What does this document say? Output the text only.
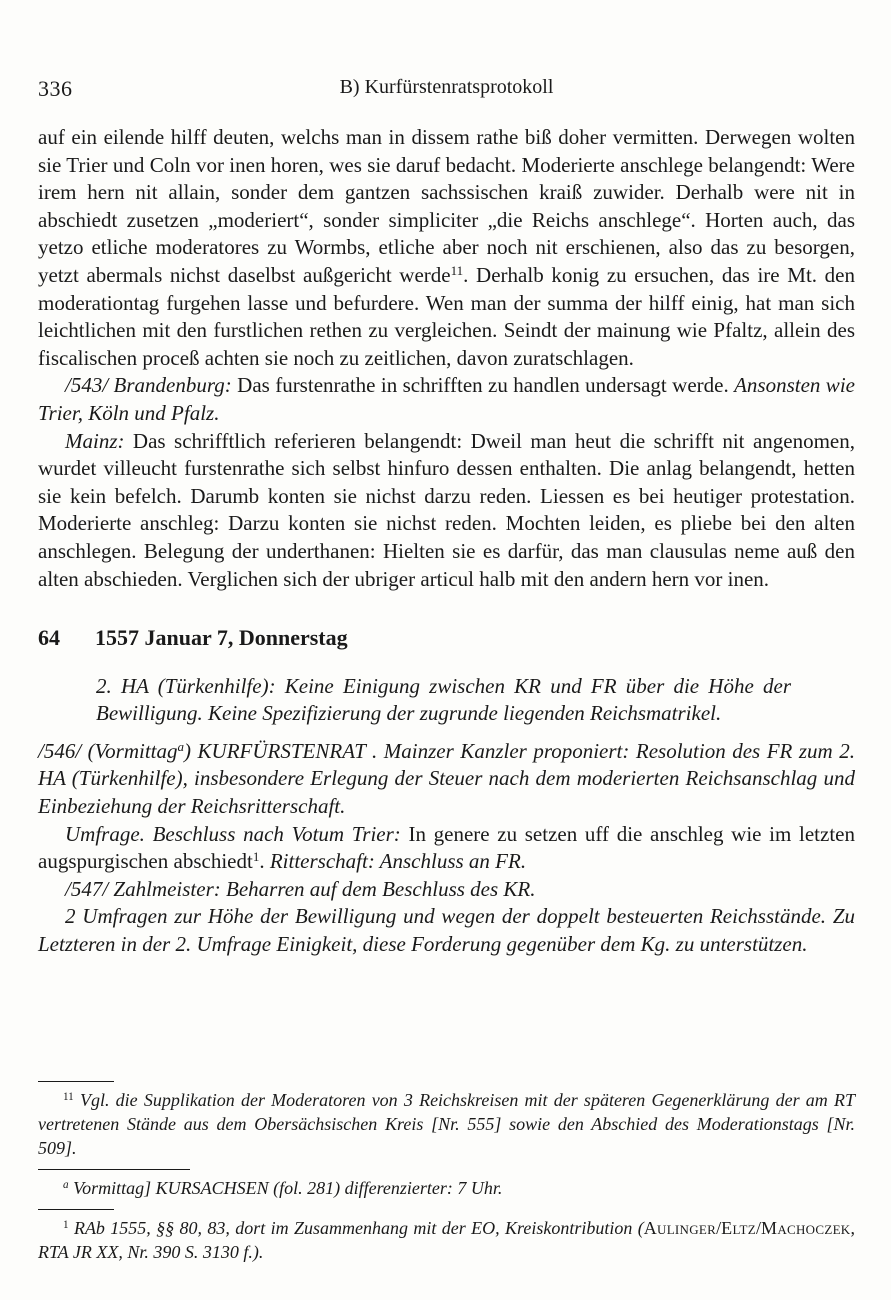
336	B) Kurfürstenratsprotokoll

auf ein eilende hilff deuten, welchs man in dissem rathe biß doher vermitten. Derwegen wolten sie Trier und Coln vor inen horen, wes sie daruf bedacht. Moderierte anschlege belangendt: Were irem hern nit allain, sonder dem gantzen sachssischen kraiß zuwider. Derhalb were nit in abschiedt zusetzen „moderiert“, sonder simpliciter „die Reichs anschlege“. Horten auch, das yetzo etliche moderatores zu Wormbs, etliche aber noch nit erschienen, also das zu besorgen, yetzt abermals nichst daselbst außgericht werde$^{11}$. Derhalb konig zu ersuchen, das ire Mt. den moderationtag furgehen lasse und befurdere. Wen man der summa der hilff einig, hat man sich leichtlichen mit den furstlichen rethen zu vergleichen. Seindt der mainung wie Pfaltz, allein des fiscalischen proceß achten sie noch zu zeitlichen, davon zuratschlagen.

/543/ Brandenburg: Das furstenrathe in schrifften zu handlen undersagt werde. Ansonsten wie Trier, Köln und Pfalz.

Mainz: Das schrifftlich referieren belangendt: Dweil man heut die schrifft nit angenomen, wurdet villeucht furstenrathe sich selbst hinfuro dessen enthalten. Die anlag belangendt, hetten sie kein befelch. Darumb konten sie nichst darzu reden. Liessen es bei heutiger protestation. Moderierte anschleg: Darzu konten sie nichst reden. Mochten leiden, es pliebe bei den alten anschlegen. Belegung der underthanen: Hielten sie es darfür, das man clausulas neme auß den alten abschieden. Verglichen sich der ubriger articul halb mit den andern hern vor inen.

64	1557 Januar 7, Donnerstag
2. HA (Türkenhilfe): Keine Einigung zwischen KR und FR über die Höhe der Bewilligung. Keine Spezifizierung der zugrunde liegenden Reichsmatrikel.

/546/ (Vormittag$^a$) KURFÜRSTENRAT . Mainzer Kanzler proponiert: Resolution des FR zum 2. HA (Türkenhilfe), insbesondere Erlegung der Steuer nach dem moderierten Reichsanschlag und Einbeziehung der Reichsritterschaft.

Umfrage. Beschluss nach Votum Trier: In genere zu setzen uff die anschleg wie im letzten augspurgischen abschiedt$^1$. Ritterschaft: Anschluss an FR.

/547/ Zahlmeister: Beharren auf dem Beschluss des KR.

2 Umfragen zur Höhe der Bewilligung und wegen der doppelt besteuerten Reichsstände. Zu Letzteren in der 2. Umfrage Einigkeit, diese Forderung gegenüber dem Kg. zu unterstützen.

$^{11}$ Vgl. die Supplikation der Moderatoren von 3 Reichskreisen mit der späteren Gegenerklärung der am RT vertretenen Stände aus dem Obersächsischen Kreis [Nr. 555] sowie den Abschied des Moderationstags [Nr. 509].

$^a$ Vormittag] KURSACHSEN (fol. 281) differenzierter: 7 Uhr.

$^1$ RAb 1555, §§ 80, 83, dort im Zusammenhang mit der EO, Kreiskontribution (Aulinger/Eltz/Machoczek, RTA JR XX, Nr. 390 S. 3130 f.).
